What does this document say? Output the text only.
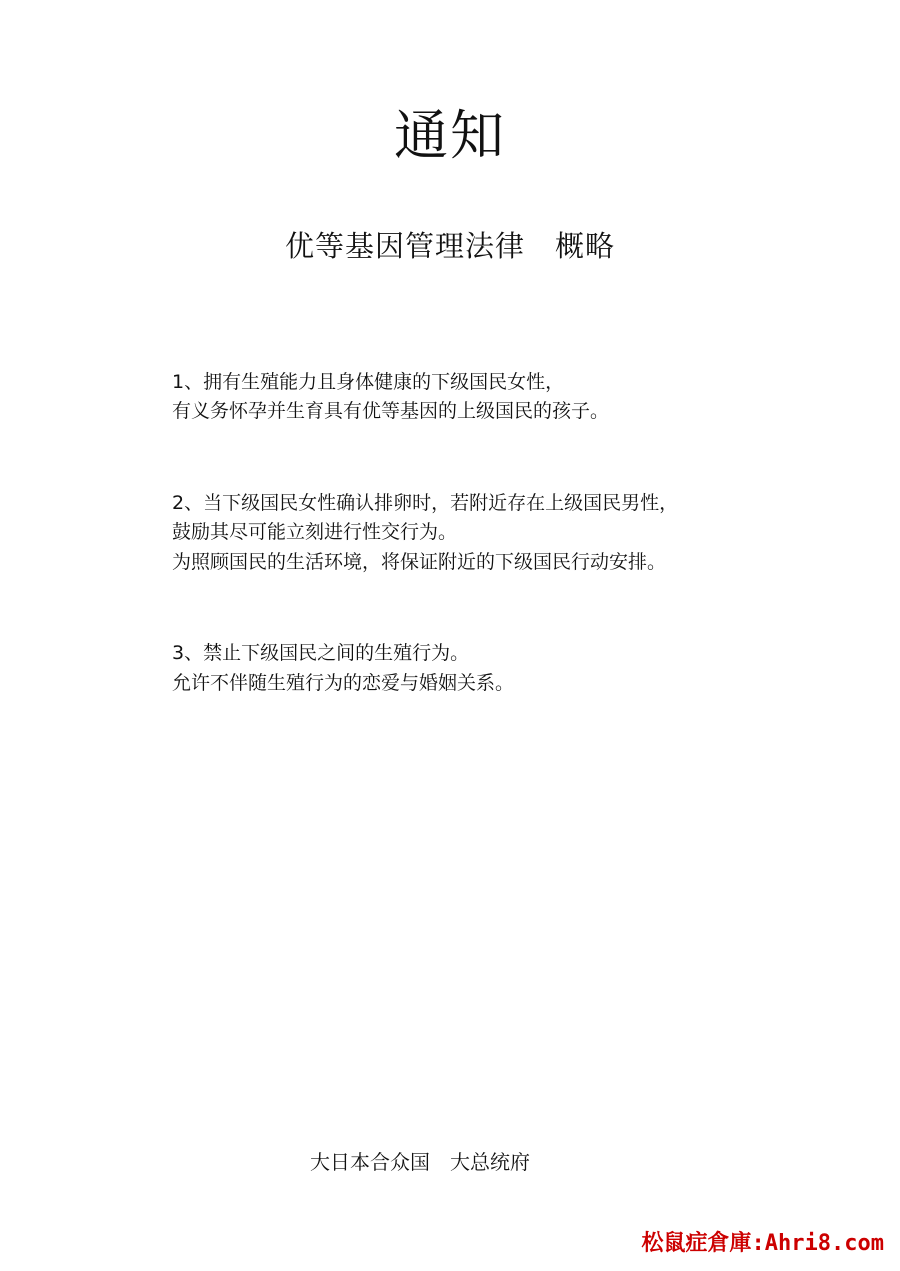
通知
优等基因管理法律　概略
1、拥有生殖能力且身体健康的下级国民女性，
有义务怀孕并生育具有优等基因的上级国民的孩子。
2、当下级国民女性确认排卵时，若附近存在上级国民男性，
鼓励其尽可能立刻进行性交行为。
为照顾国民的生活环境，将保证附近的下级国民行动安排。
3、禁止下级国民之间的生殖行为。
允许不伴随生殖行为的恋爱与婚姻关系。
大日本合众国　大总统府
松鼠症倉庫:Ahri8.com
